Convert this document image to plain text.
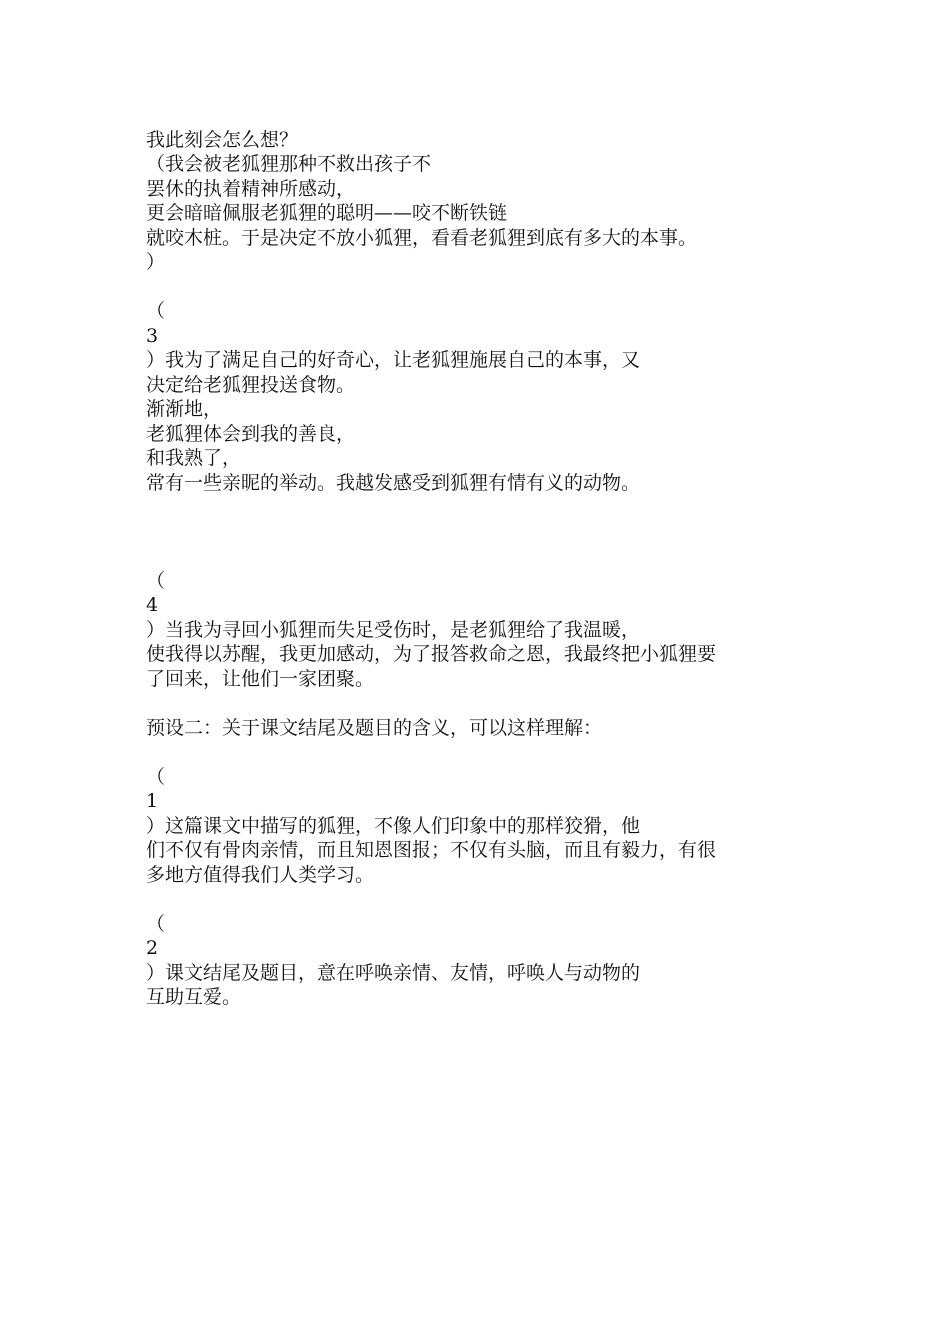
我此刻会怎么想？
（我会被老狐狸那种不救出孩子不
罢休的执着精神所感动，
更会暗暗佩服老狐狸的聪明——咬不断铁链
就咬木桩。于是决定不放小狐狸，看看老狐狸到底有多大的本事。
）
（
3
）我为了满足自己的好奇心，让老狐狸施展自己的本事，又
决定给老狐狸投送食物。
渐渐地，
老狐狸体会到我的善良，
和我熟了，
常有一些亲昵的举动。我越发感受到狐狸有情有义的动物。
（
4
）当我为寻回小狐狸而失足受伤时，是老狐狸给了我温暖，
使我得以苏醒，我更加感动，为了报答救命之恩，我最终把小狐狸要
了回来，让他们一家团聚。
预设二：关于课文结尾及题目的含义，可以这样理解：
（
1
）这篇课文中描写的狐狸，不像人们印象中的那样狡猾，他
们不仅有骨肉亲情，而且知恩图报；不仅有头脑，而且有毅力，有很
多地方值得我们人类学习。
（
2
）课文结尾及题目，意在呼唤亲情、友情，呼唤人与动物的
互助互爱。
